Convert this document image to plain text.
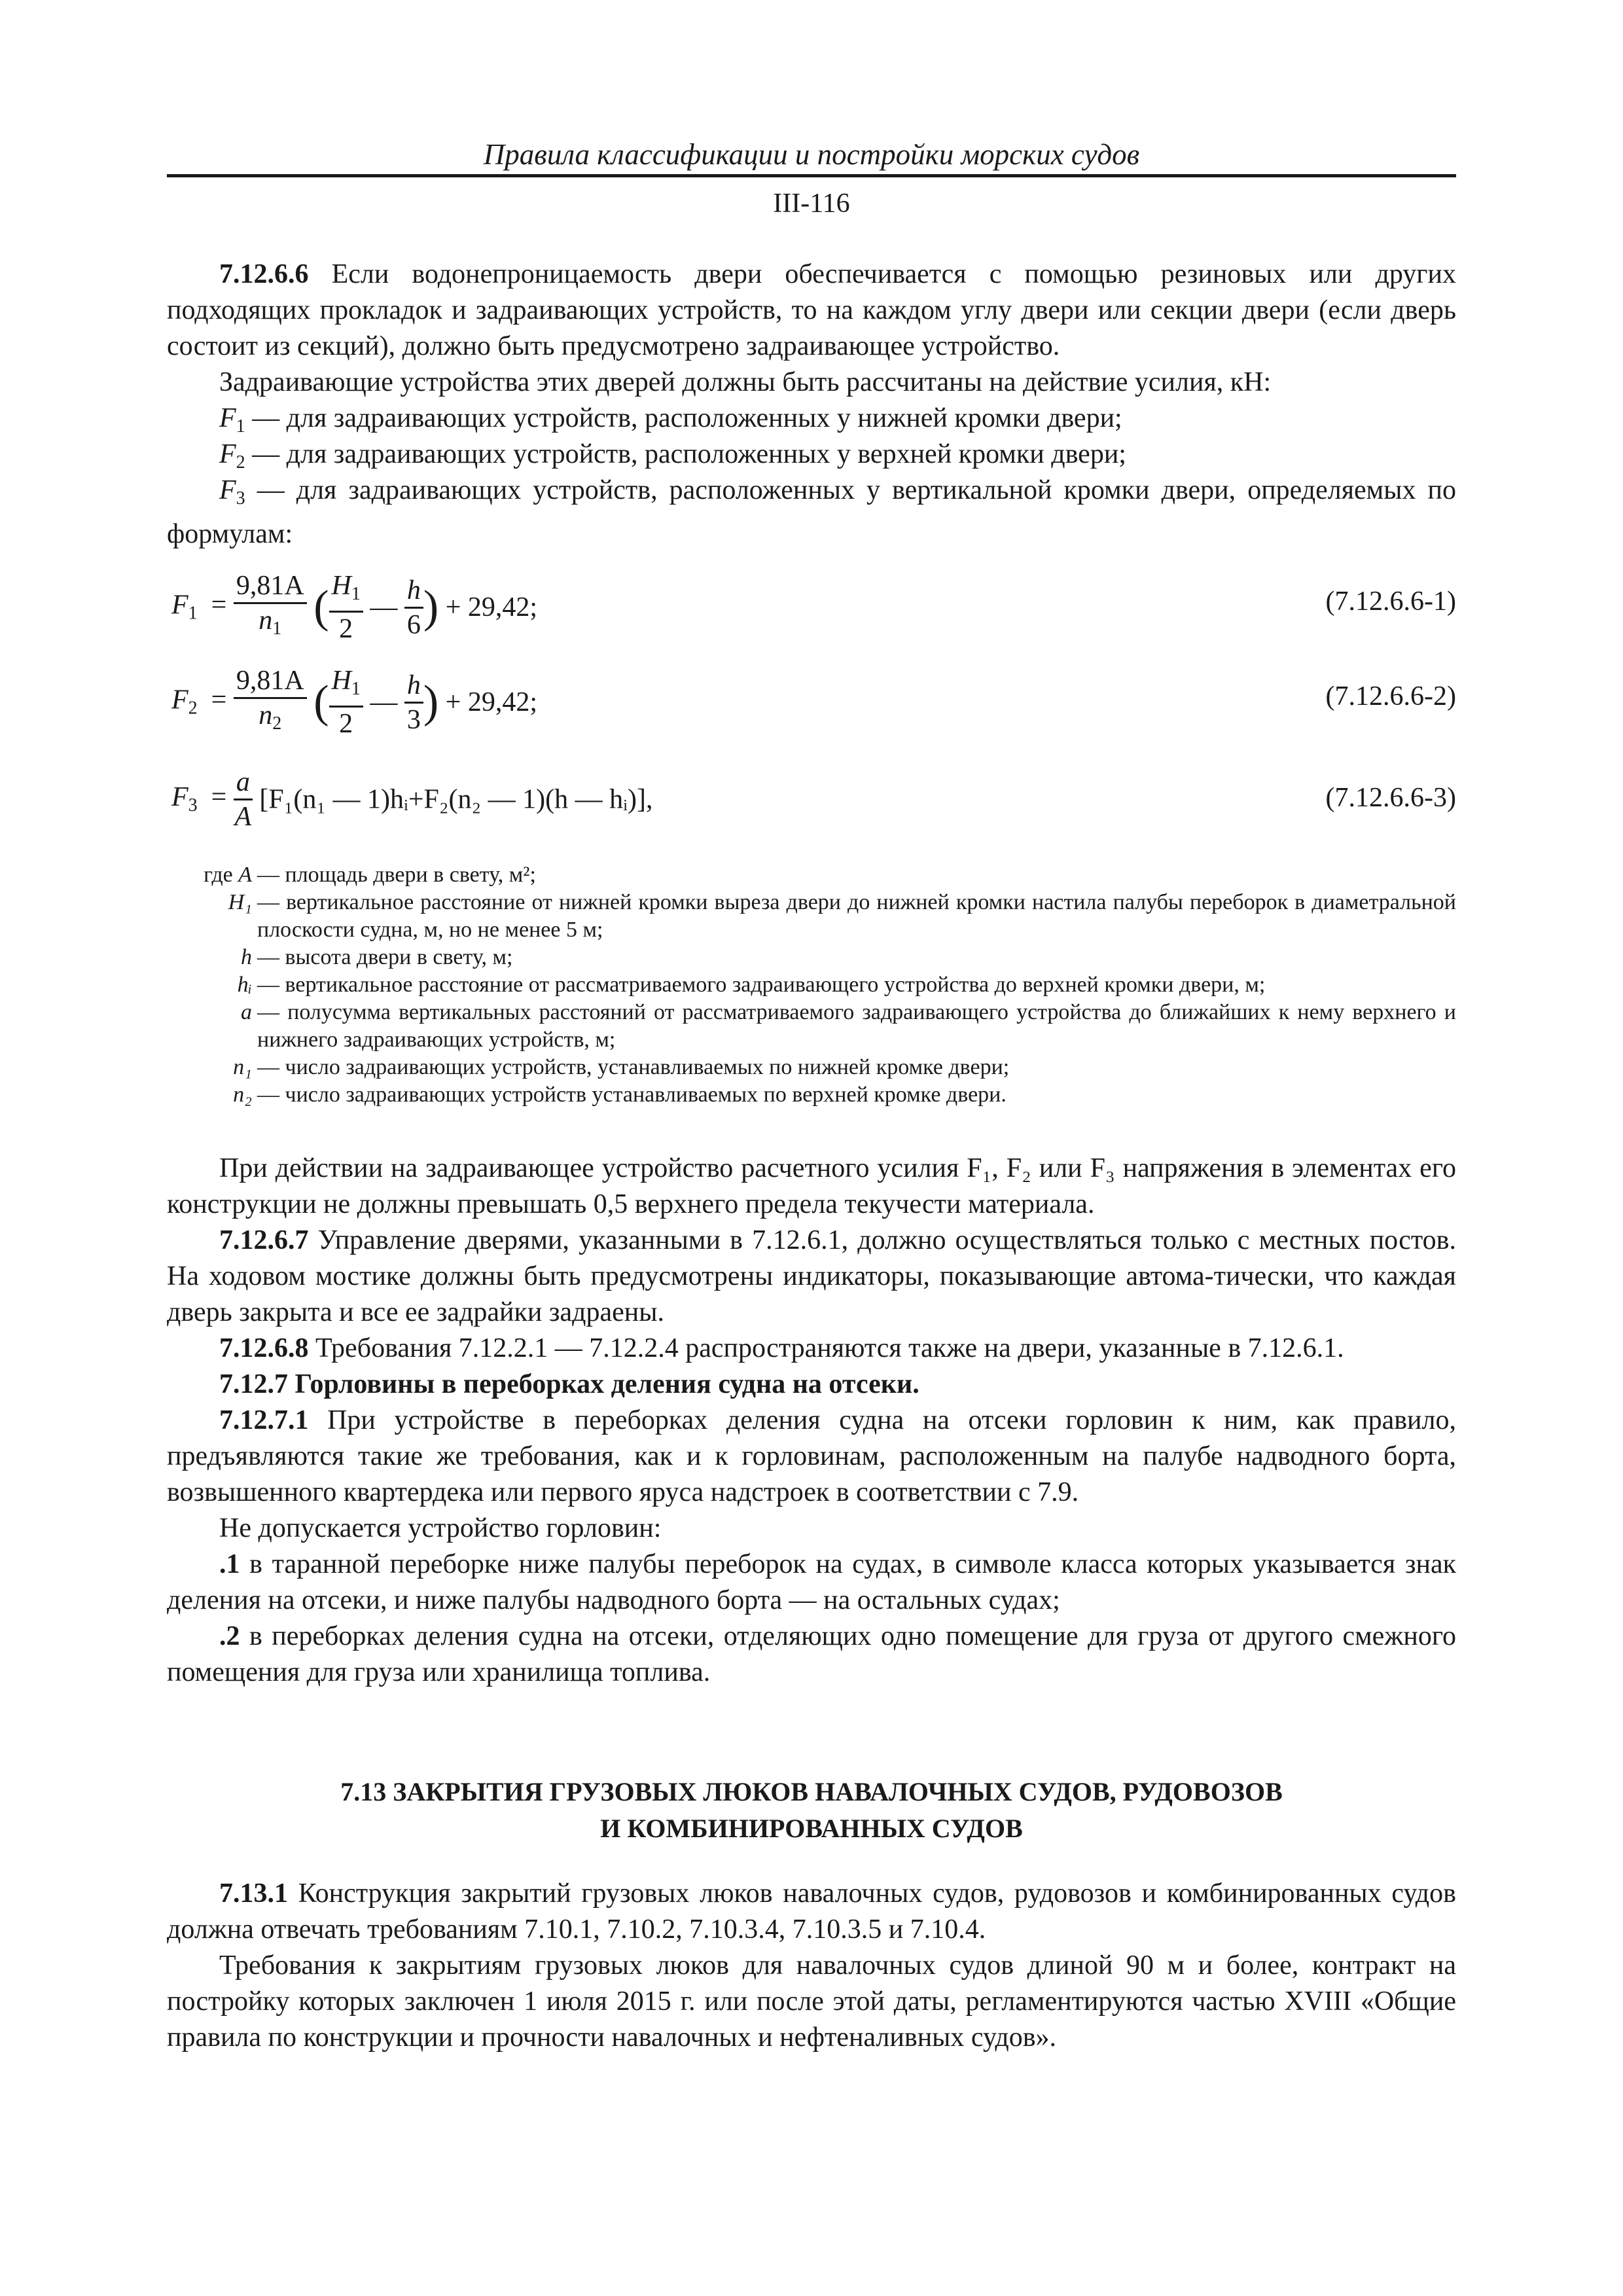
Правила классификации и постройки морских судов
III-116
7.12.6.6 Если водонепроницаемость двери обеспечивается с помощью резиновых или других подходящих прокладок и задраивающих устройств, то на каждом углу двери или секции двери (если дверь состоит из секций), должно быть предусмотрено задраивающее устройство.
Задраивающие устройства этих дверей должны быть рассчитаны на действие усилия, кН:
$F_1$ — для задраивающих устройств, расположенных у нижней кромки двери;
$F_2$ — для задраивающих устройств, расположенных у верхней кромки двери;
$F_3$ — для задраивающих устройств, расположенных у вертикальной кромки двери, определяемых по формулам:
$F_1 = \frac{9,81A}{n_1}$ ( $\frac{H_1}{2}$ — $\frac{h}{6}$ ) + 29,42;	(7.12.6.6-1)
$F_2 = \frac{9,81A}{n_2}$ ( $\frac{H_1}{2}$ — $\frac{h}{3}$ ) + 29,42;	(7.12.6.6-2)
$F_3 = \frac{a}{A} [F_1(n_1$ — 1)hᵢ+F₂(n₂ — 1)(h — hᵢ)],	(7.12.6.6-3)
где A — площадь двери в свету, м²;
H₁ — вертикальное расстояние от нижней кромки выреза двери до нижней кромки настила палубы переборок в диаметральной плоскости судна, м, но не менее 5 м;
h — высота двери в свету, м;
hᵢ — вертикальное расстояние от рассматриваемого задраивающего устройства до верхней кромки двери, м;
a — полусумма вертикальных расстояний от рассматриваемого задраивающего устройства до ближайших к нему верхнего и нижнего задраивающих устройств, м;
n₁ — число задраивающих устройств, устанавливаемых по нижней кромке двери;
n₂ — число задраивающих устройств устанавливаемых по верхней кромке двери.
При действии на задраивающее устройство расчетного усилия F₁, F₂ или F₃ напряжения в элементах его конструкции не должны превышать 0,5 верхнего предела текучести материала.
7.12.6.7 Управление дверями, указанными в 7.12.6.1, должно осуществляться только с местных постов. На ходовом мостике должны быть предусмотрены индикаторы, показывающие автома-тически, что каждая дверь закрыта и все ее задрайки задраены.
7.12.6.8 Требования 7.12.2.1 — 7.12.2.4 распространяются также на двери, указанные в 7.12.6.1.
7.12.7 Горловины в переборках деления судна на отсеки.
7.12.7.1 При устройстве в переборках деления судна на отсеки горловин к ним, как правило, предъявляются такие же требования, как и к горловинам, расположенным на палубе надводного борта, возвышенного квартердека или первого яруса надстроек в соответствии с 7.9.
Не допускается устройство горловин:
.1 в таранной переборке ниже палубы переборок на судах, в символе класса которых указывается знак деления на отсеки, и ниже палубы надводного борта — на остальных судах;
.2 в переборках деления судна на отсеки, отделяющих одно помещение для груза от другого смежного помещения для груза или хранилища топлива.
7.13 ЗАКРЫТИЯ ГРУЗОВЫХ ЛЮКОВ НАВАЛОЧНЫХ СУДОВ, РУДОВОЗОВ
И КОМБИНИРОВАННЫХ СУДОВ
7.13.1 Конструкция закрытий грузовых люков навалочных судов, рудовозов и комбинированных судов должна отвечать требованиям 7.10.1, 7.10.2, 7.10.3.4, 7.10.3.5 и 7.10.4.
Требования к закрытиям грузовых люков для навалочных судов длиной 90 м и более, контракт на постройку которых заключен 1 июля 2015 г. или после этой даты, регламентируются частью XVIII «Общие правила по конструкции и прочности навалочных и нефтеналивных судов».
